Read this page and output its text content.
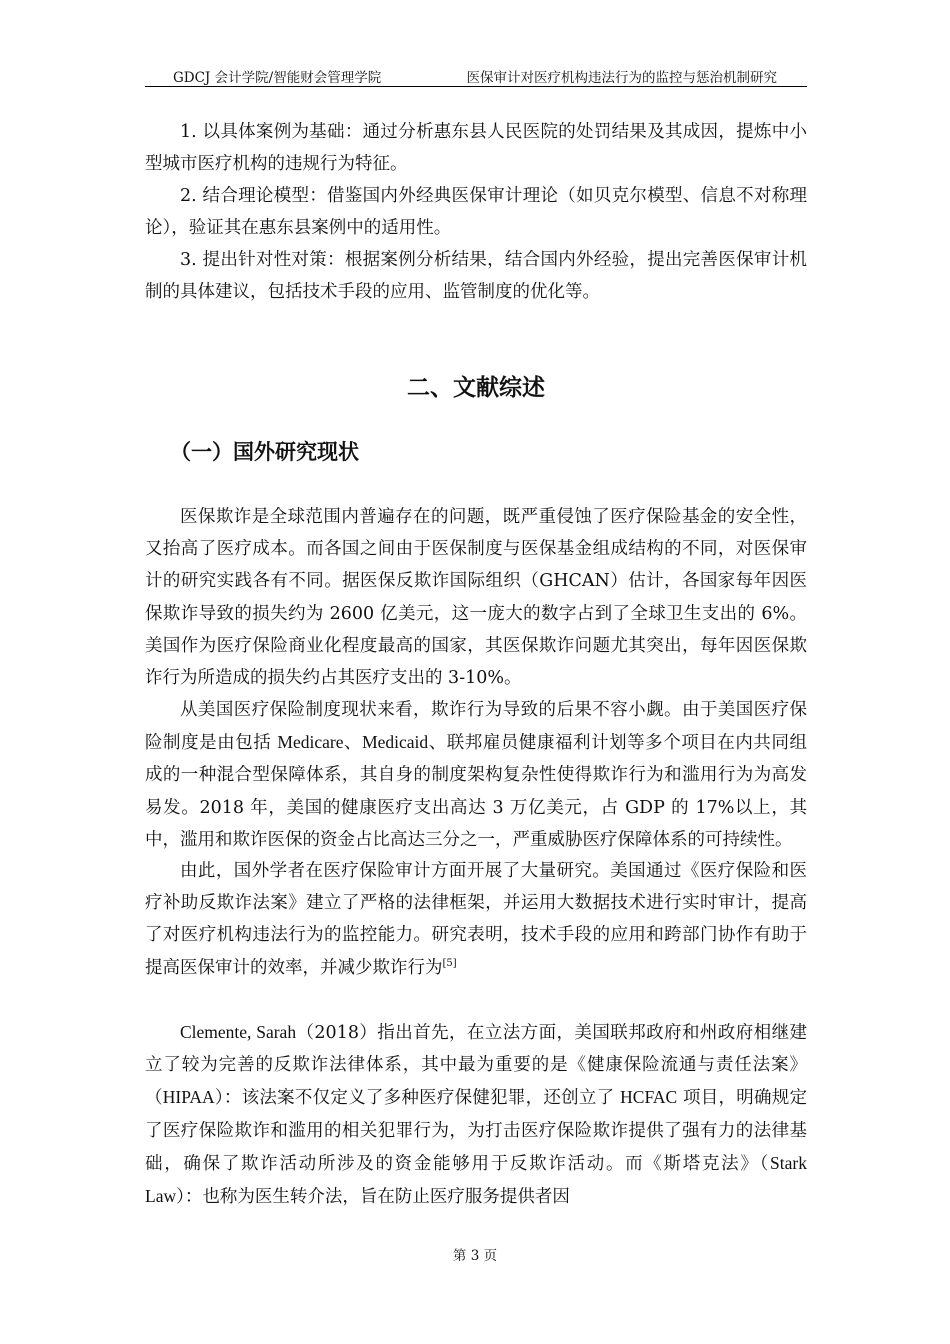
GDCJ 会计学院/智能财会管理学院	医保审计对医疗机构违法行为的监控与惩治机制研究

1. 以具体案例为基础：通过分析惠东县人民医院的处罚结果及其成因，提炼中小型城市医疗机构的违规行为特征。

2. 结合理论模型：借鉴国内外经典医保审计理论（如贝克尔模型、信息不对称理论），验证其在惠东县案例中的适用性。

3. 提出针对性对策：根据案例分析结果，结合国内外经验，提出完善医保审计机制的具体建议，包括技术手段的应用、监管制度的优化等。

二、文献综述
（一）国外研究现状

医保欺诈是全球范围内普遍存在的问题，既严重侵蚀了医疗保险基金的安全性，又抬高了医疗成本。而各国之间由于医保制度与医保基金组成结构的不同，对医保审计的研究实践各有不同。据医保反欺诈国际组织（GHCAN）估计，各国家每年因医保欺诈导致的损失约为 2600 亿美元，这一庞大的数字占到了全球卫生支出的 6%。美国作为医疗保险商业化程度最高的国家，其医保欺诈问题尤其突出，每年因医保欺诈行为所造成的损失约占其医疗支出的 3-10%。

从美国医疗保险制度现状来看，欺诈行为导致的后果不容小觑。由于美国医疗保险制度是由包括 Medicare、Medicaid、联邦雇员健康福利计划等多个项目在内共同组成的一种混合型保障体系，其自身的制度架构复杂性使得欺诈行为和滥用行为为高发易发。2018 年，美国的健康医疗支出高达 3 万亿美元，占 GDP 的 17%以上，其中，滥用和欺诈医保的资金占比高达三分之一，严重威胁医疗保障体系的可持续性。

由此，国外学者在医疗保险审计方面开展了大量研究。美国通过《医疗保险和医疗补助反欺诈法案》建立了严格的法律框架，并运用大数据技术进行实时审计，提高了对医疗机构违法行为的监控能力。研究表明，技术手段的应用和跨部门协作有助于提高医保审计的效率，并减少欺诈行为[5]

Clemente, Sarah（2018）指出首先，在立法方面，美国联邦政府和州政府相继建立了较为完善的反欺诈法律体系，其中最为重要的是《健康保险流通与责任法案》（HIPAA）：该法案不仅定义了多种医疗保健犯罪，还创立了 HCFAC 项目，明确规定了医疗保险欺诈和滥用的相关犯罪行为，为打击医疗保险欺诈提供了强有力的法律基础，确保了欺诈活动所涉及的资金能够用于反欺诈活动。而《斯塔克法》（Stark Law）：也称为医生转介法，旨在防止医疗服务提供者因

第 3 页
